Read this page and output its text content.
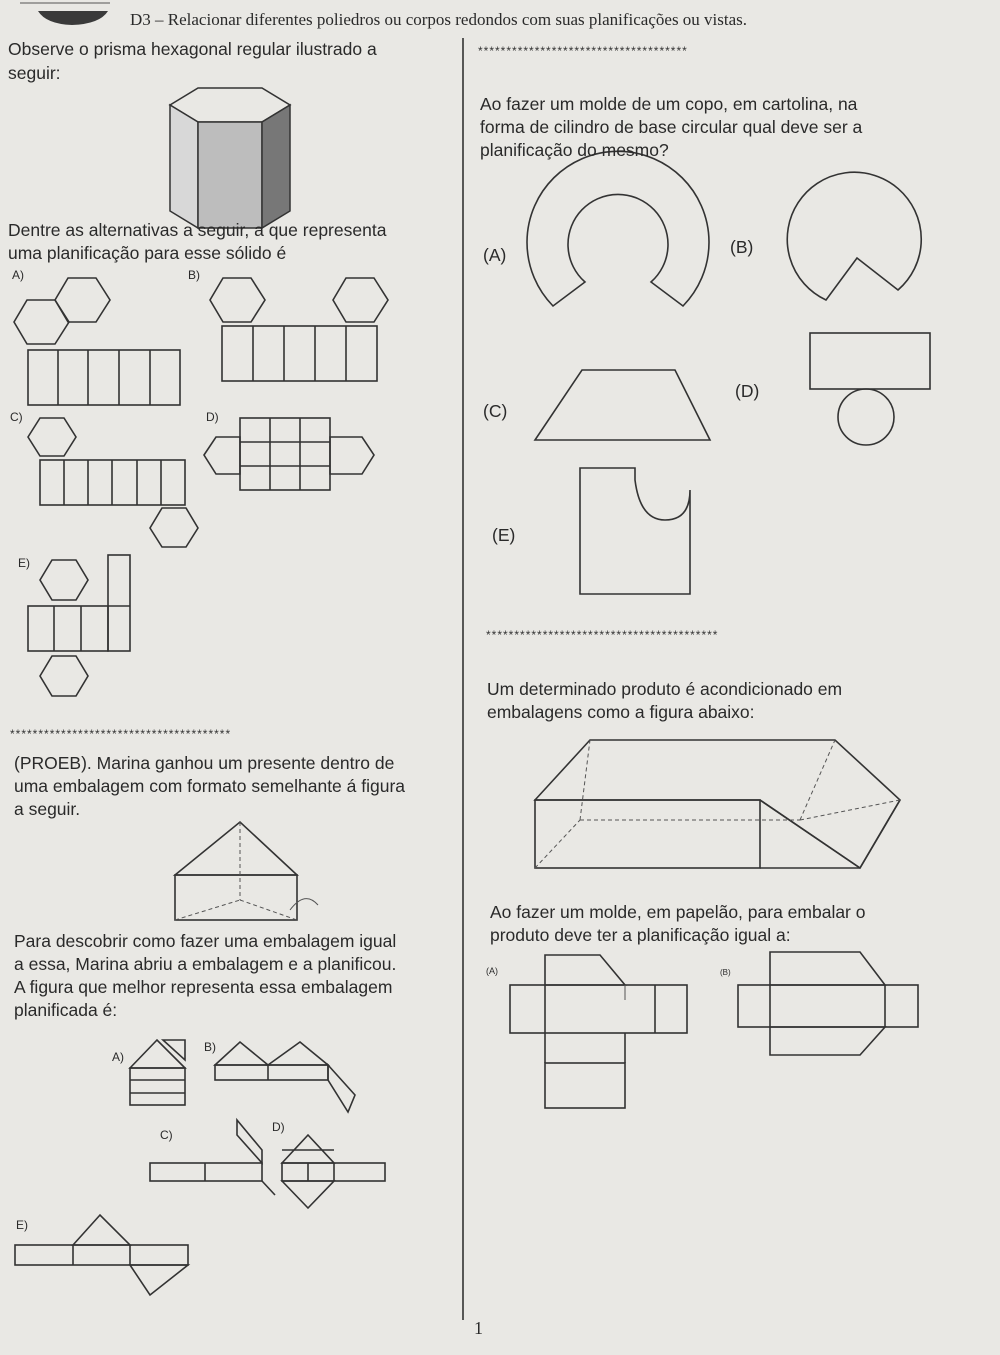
D3 – Relacionar diferentes poliedros ou corpos redondos com suas planificações ou vistas.
Observe o prisma hexagonal regular ilustrado a
seguir:
Dentre as alternativas a seguir, a que representa
uma planificação para esse sólido é
A)	B)
C)	D)
E)
***************************************
(PROEB). Marina ganhou um presente dentro de
uma embalagem com formato semelhante á figura
a seguir.
Para descobrir como fazer uma embalagem igual
a essa, Marina abriu a embalagem e a planificou.
A figura que melhor representa essa embalagem
planificada é:
A)
B)
C)
D)
E)
*************************************
Ao fazer um molde de um copo, em cartolina, na
forma de cilindro de base circular qual deve ser a
planificação do mesmo?
(A)	(B)
(C)
(D)
(E)
*****************************************
Um determinado produto é acondicionado em
embalagens como a figura abaixo:
Ao fazer um molde, em papelão, para embalar o
produto deve ter a planificação igual a:
(A)	(B)
1
